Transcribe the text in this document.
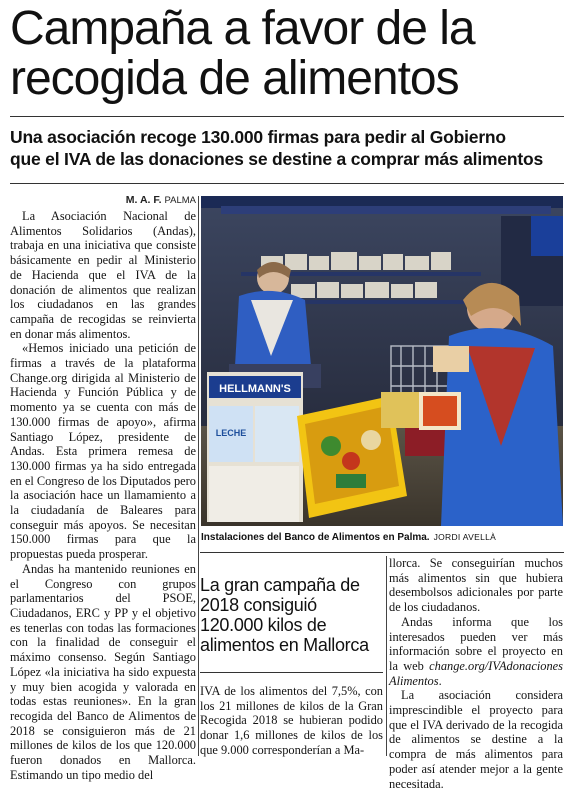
Campaña a favor de la
recogida de alimentos
Una asociación recoge 130.000 firmas para pedir al Gobierno
que el IVA de las donaciones se destine a comprar más alimentos
M. A. F. PALMA

La Asociación Nacional de Alimentos Solidarios (Andas), trabaja en una iniciativa que consiste básicamente en pedir al Ministerio de Hacienda que el IVA de la donación de alimentos que realizan los ciudadanos en las grandes campaña de recogidas se reinvierta en donar más alimentos.

«Hemos iniciado una petición de firmas a través de la plataforma Change.org dirigida al Ministerio de Hacienda y Función Pública y de momento ya se cuenta con más de 130.000 firmas de apoyo», afirma Santiago López, presidente de Andas. Esta primera remesa de 130.000 firmas ya ha sido entregada en el Congreso de los Diputados pero la asociación hace un llamamiento a la ciudadanía de Baleares para conseguir más apoyos. Se necesitan 150.000 firmas para que la propuestas pueda prosperar.

Andas ha mantenido reuniones en el Congreso con grupos parlamentarios del PSOE, Ciudadanos, ERC y PP y el objetivo es tenerlas con todas las formaciones con la finalidad de conseguir el máximo consenso. Según Santiago López «la iniciativa ha sido expuesta y muy bien acogida y valorada en todas estas reuniones». En la gran recogida del Banco de Alimentos de 2018 se consiguieron más de 21 millones de kilos de los que 120.000 fueron donados en Mallorca. Estimando un tipo medio del

HELLMANN'S
LECHE
Instalaciones del Banco de Alimentos en Palma. JORDI AVELLÀ
La gran campaña de 2018 consiguió 120.000 kilos de alimentos en Mallorca

IVA de los alimentos del 7,5%, con los 21 millones de kilos de la Gran Recogida 2018 se hubieran podido donar 1,6 millones de kilos de los que 9.000 corresponderían a Ma-

llorca. Se conseguirían muchos más alimentos sin que hubiera desembolsos adicionales por parte de los ciudadanos.

Andas informa que los interesados pueden ver más información sobre el proyecto en la web change.org/IVAdonaciones Alimentos.

La asociación considera imprescindible el proyecto para que el IVA derivado de la recogida de alimentos se destine a la compra de más alimentos para poder así atender mejor a la gente necesitada.
